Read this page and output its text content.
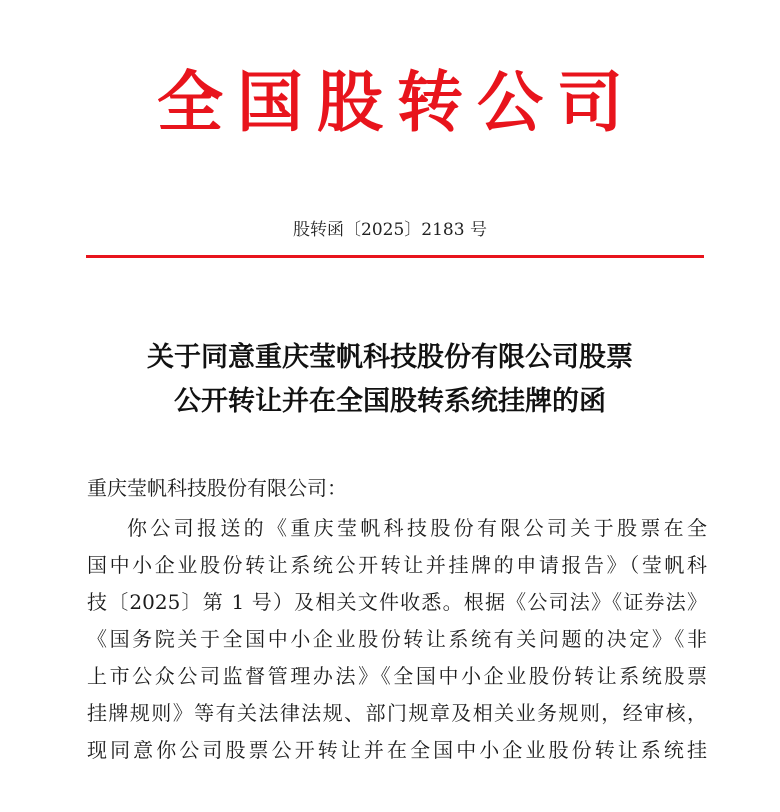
全国股转公司
股转函〔2025〕2183 号
关于同意重庆莹帆科技股份有限公司股票
公开转让并在全国股转系统挂牌的函
重庆莹帆科技股份有限公司：
你公司报送的《重庆莹帆科技股份有限公司关于股票在全
国中小企业股份转让系统公开转让并挂牌的申请报告》（莹帆科
技〔2025〕第 1 号）及相关文件收悉。根据《公司法》《证券法》
《国务院关于全国中小企业股份转让系统有关问题的决定》《非
上市公众公司监督管理办法》《全国中小企业股份转让系统股票
挂牌规则》等有关法律法规、部门规章及相关业务规则，经审核，
现同意你公司股票公开转让并在全国中小企业股份转让系统挂
